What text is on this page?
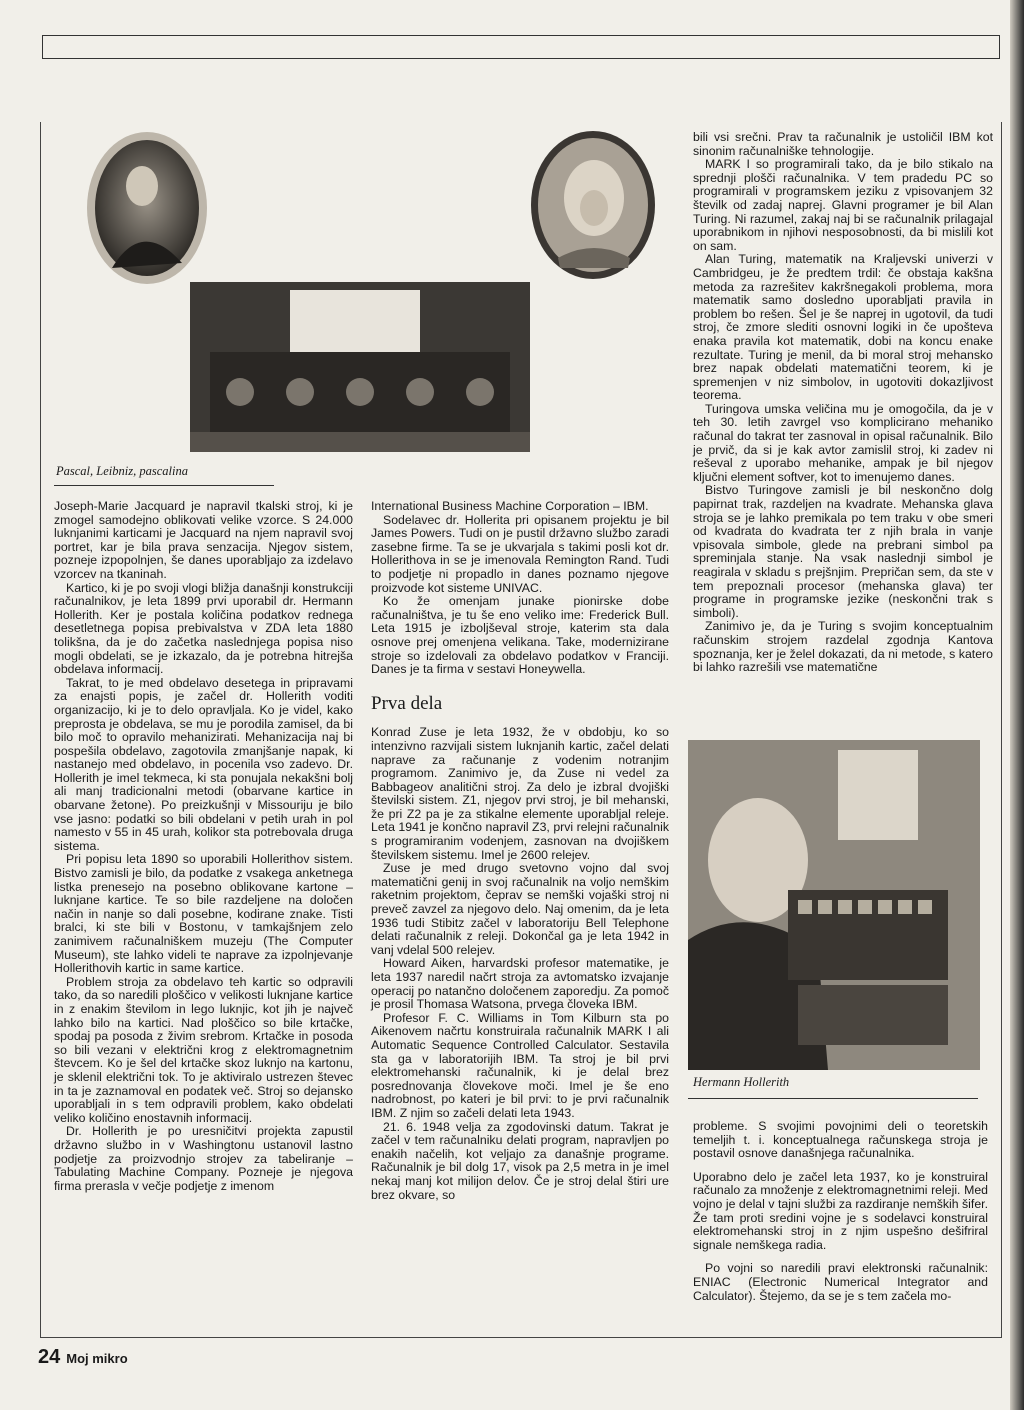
Pascal, Leibniz, pascalina

Joseph-Marie Jacquard je napravil tkalski stroj, ki je zmogel samodejno oblikovati velike vzorce. S 24.000 luknjanimi karticami je Jacquard na njem napravil svoj portret, kar je bila prava senzacija. Njegov sistem, pozneje izpopolnjen, še danes uporabljajo za izdelavo vzorcev na tkaninah.

Kartico, ki je po svoji vlogi bližja današnji konstrukciji računalnikov, je leta 1899 prvi uporabil dr. Hermann Hollerith. Ker je postala količina podatkov rednega desetletnega popisa prebivalstva v ZDA leta 1880 tolikšna, da je do začetka naslednjega popisa niso mogli obdelati, se je izkazalo, da je potrebna hitrejša obdelava informacij.

Takrat, to je med obdelavo desetega in pripravami za enajsti popis, je začel dr. Hollerith voditi organizacijo, ki je to delo opravljala. Ko je videl, kako preprosta je obdelava, se mu je porodila zamisel, da bi bilo moč to opravilo mehanizirati. Mehanizacija naj bi pospešila obdelavo, zagotovila zmanjšanje napak, ki nastanejo med obdelavo, in pocenila vso zadevo. Dr. Hollerith je imel tekmeca, ki sta ponujala nekakšni bolj ali manj tradicionalni metodi (obarvane kartice in obarvane žetone). Po preizkušnji v Missouriju je bilo vse jasno: podatki so bili obdelani v petih urah in pol namesto v 55 in 45 urah, kolikor sta potrebovala druga sistema.

Pri popisu leta 1890 so uporabili Hollerithov sistem. Bistvo zamisli je bilo, da podatke z vsakega anketnega listka prenesejo na posebno oblikovane kartone – luknjane kartice. Te so bile razdeljene na določen način in nanje so dali posebne, kodirane znake. Tisti bralci, ki ste bili v Bostonu, v tamkajšnjem zelo zanimivem računalniškem muzeju (The Computer Museum), ste lahko videli te naprave za izpolnjevanje Hollerithovih kartic in same kartice.

Problem stroja za obdelavo teh kartic so odpravili tako, da so naredili ploščico v velikosti luknjane kartice in z enakim številom in lego luknjic, kot jih je največ lahko bilo na kartici. Nad ploščico so bile krtačke, spodaj pa posoda z živim srebrom. Krtačke in posoda so bili vezani v električni krog z elektromagnetnim števcem. Ko je šel del krtačke skoz luknjo na kartonu, je sklenil električni tok. To je aktiviralo ustrezen števec in ta je zaznamoval en podatek več. Stroj so dejansko uporabljali in s tem odpravili problem, kako obdelati veliko količino enostavnih informacij.

Dr. Hollerith je po uresničitvi projekta zapustil državno službo in v Washingtonu ustanovil lastno podjetje za proizvodnjo strojev za tabeliranje – Tabulating Machine Company. Pozneje je njegova firma prerasla v večje podjetje z imenom

International Business Machine Corporation – IBM.

Sodelavec dr. Hollerita pri opisanem projektu je bil James Powers. Tudi on je pustil državno službo zaradi zasebne firme. Ta se je ukvarjala s takimi posli kot dr. Hollerithova in se je imenovala Remington Rand. Tudi to podjetje ni propadlo in danes poznamo njegove proizvode kot sisteme UNIVAC.

Ko že omenjam junake pionirske dobe računalništva, je tu še eno veliko ime: Frederick Bull. Leta 1915 je izboljševal stroje, katerim sta dala osnove prej omenjena velikana. Take, modernizirane stroje so izdelovali za obdelavo podatkov v Franciji. Danes je ta firma v sestavi Honeywella.

Prva dela

Konrad Zuse je leta 1932, že v obdobju, ko so intenzivno razvijali sistem luknjanih kartic, začel delati naprave za računanje z vodenim notranjim programom. Zanimivo je, da Zuse ni vedel za Babbageov analitični stroj. Za delo je izbral dvojiški številski sistem. Z1, njegov prvi stroj, je bil mehanski, že pri Z2 pa je za stikalne elemente uporabljal releje. Leta 1941 je končno napravil Z3, prvi relejni računalnik s programiranim vodenjem, zasnovan na dvojiškem številskem sistemu. Imel je 2600 relejev.

Zuse je med drugo svetovno vojno dal svoj matematični genij in svoj računalnik na voljo nemškim raketnim projektom, čeprav se nemški vojaški stroj ni preveč zavzel za njegovo delo. Naj omenim, da je leta 1936 tudi Stibitz začel v laboratoriju Bell Telephone delati računalnik z releji. Dokončal ga je leta 1942 in vanj vdelal 500 relejev.

Howard Aiken, harvardski profesor matematike, je leta 1937 naredil načrt stroja za avtomatsko izvajanje operacij po natančno določenem zaporedju. Za pomoč je prosil Thomasa Watsona, prvega človeka IBM.

Profesor F. C. Williams in Tom Kilburn sta po Aikenovem načrtu konstruirala računalnik MARK I ali Automatic Sequence Controlled Calculator. Sestavila sta ga v laboratorijih IBM. Ta stroj je bil prvi elektromehanski računalnik, ki je delal brez posrednovanja človekove moči. Imel je še eno nadrobnost, po kateri je bil prvi: to je prvi računalnik IBM. Z njim so začeli delati leta 1943.

21. 6. 1948 velja za zgodovinski datum. Takrat je začel v tem računalniku delati program, napravljen po enakih načelih, kot veljajo za današnje programe. Računalnik je bil dolg 17, visok pa 2,5 metra in je imel nekaj manj kot milijon delov. Če je stroj delal štiri ure brez okvare, so

bili vsi srečni. Prav ta računalnik je ustoličil IBM kot sinonim računalniške tehnologije.

MARK I so programirali tako, da je bilo stikalo na sprednji plošči računalnika. V tem pradedu PC so programirali v programskem jeziku z vpisovanjem 32 številk od zadaj naprej. Glavni programer je bil Alan Turing. Ni razumel, zakaj naj bi se računalnik prilagajal uporabnikom in njihovi nesposobnosti, da bi mislili kot on sam.

Alan Turing, matematik na Kraljevski univerzi v Cambridgeu, je že predtem trdil: če obstaja kakšna metoda za razrešitev kakršnegakoli problema, mora matematik samo dosledno uporabljati pravila in problem bo rešen. Šel je še naprej in ugotovil, da tudi stroj, če zmore slediti osnovni logiki in če upošteva enaka pravila kot matematik, dobi na koncu enake rezultate. Turing je menil, da bi moral stroj mehansko brez napak obdelati matematični teorem, ki je spremenjen v niz simbolov, in ugotoviti dokazljivost teorema.

Turingova umska veličina mu je omogočila, da je v teh 30. letih zavrgel vso komplicirano mehaniko računal do takrat ter zasnoval in opisal računalnik. Bilo je prvič, da si je kak avtor zamislil stroj, ki zadev ni reševal z uporabo mehanike, ampak je bil njegov ključni element softver, kot to imenujemo danes.

Bistvo Turingove zamisli je bil neskončno dolg papirnat trak, razdeljen na kvadrate. Mehanska glava stroja se je lahko premikala po tem traku v obe smeri od kvadrata do kvadrata ter z njih brala in vanje vpisovala simbole, glede na prebrani simbol pa spreminjala stanje. Na vsak naslednji simbol je reagirala v skladu s prejšnjim. Prepričan sem, da ste v tem prepoznali procesor (mehanska glava) ter programe in programske jezike (neskončni trak s simboli).

Zanimivo je, da je Turing s svojim konceptualnim računskim strojem razdelal zgodnja Kantova spoznanja, ker je želel dokazati, da ni metode, s katero bi lahko razrešili vse matematične

Hermann Hollerith

probleme. S svojimi povojnimi deli o teoretskih temeljih t. i. konceptualnega računskega stroja je postavil osnove današnjega računalnika.

Uporabno delo je začel leta 1937, ko je konstruiral računalo za množenje z elektromagnetnimi releji. Med vojno je delal v tajni službi za razdiranje nemških šifer. Že tam proti sredini vojne je s sodelavci konstruiral elektromehanski stroj in z njim uspešno dešifriral signale nemškega radia.

Po vojni so naredili pravi elektronski računalnik: ENIAC (Electronic Numerical Integrator and Calculator). Štejemo, da se je s tem začela mo-

24 Moj mikro
